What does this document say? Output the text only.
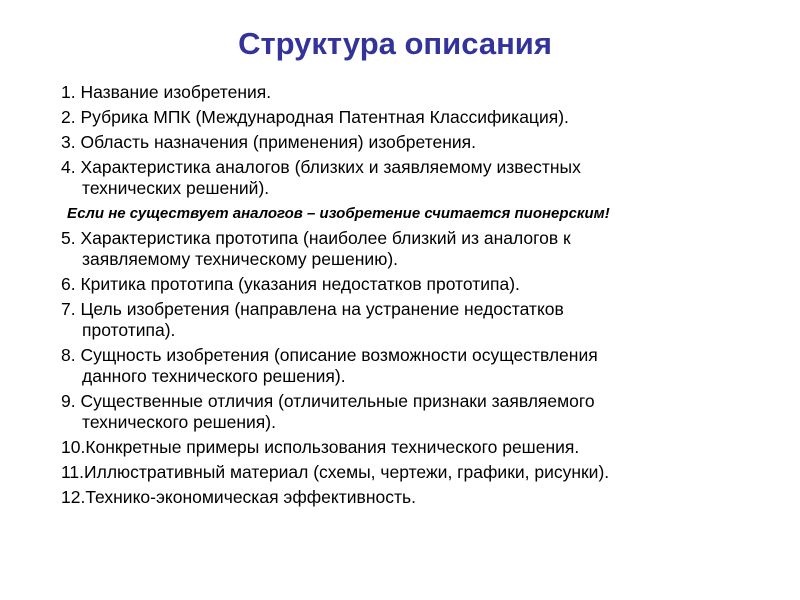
Структура описания
1. Название изобретения.
2. Рубрика МПК (Международная Патентная Классификация).
3. Область назначения (применения) изобретения.
4. Характеристика аналогов (близких и заявляемому известных
технических решений).
Если не существует аналогов – изобретение считается пионерским!
5. Характеристика прототипа (наиболее близкий из аналогов к
заявляемому техническому решению).
6. Критика прототипа (указания недостатков прототипа).
7. Цель изобретения (направлена на устранение недостатков
прототипа).
8. Сущность изобретения (описание возможности осуществления
данного технического решения).
9. Существенные отличия (отличительные признаки заявляемого
технического решения).
10.Конкретные примеры использования технического решения.
11.Иллюстративный материал (схемы, чертежи, графики, рисунки).
12.Технико-экономическая эффективность.
